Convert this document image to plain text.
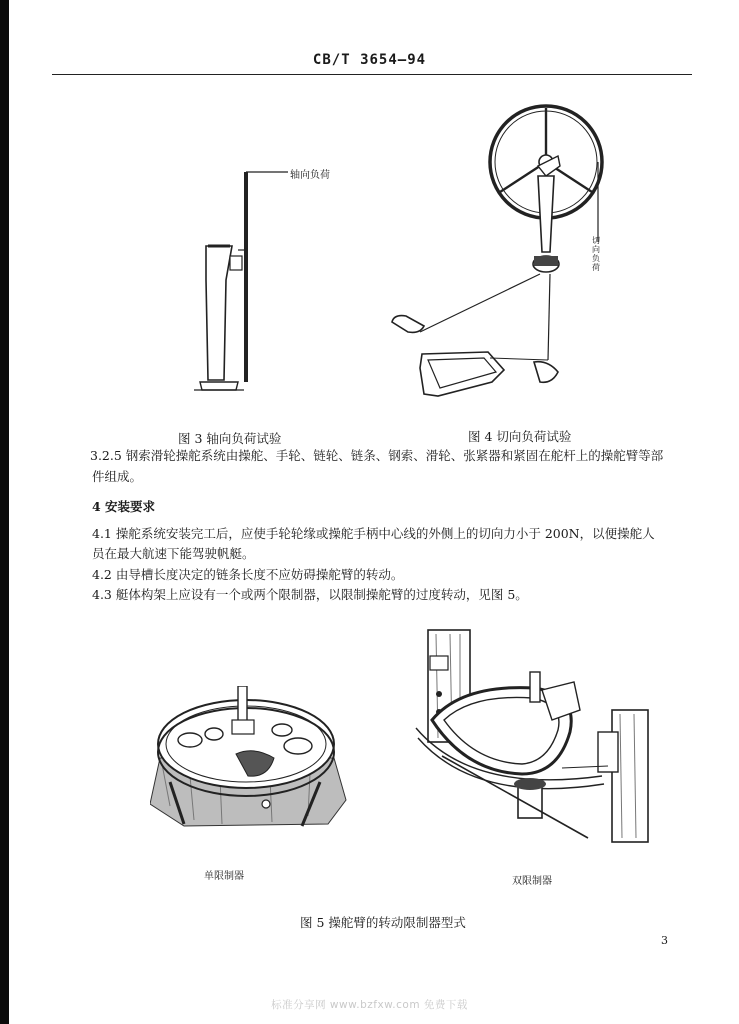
CB/T 3654—94
轴向负荷
切向负荷
图 3 轴向负荷试验	图 4 切向负荷试验
3.2.5 钢索滑轮操舵系统由操舵、手轮、链轮、链条、钢索、滑轮、张紧器和紧固在舵杆上的操舵臂等部
件组成。
4 安装要求
4.1 操舵系统安装完工后，应使手轮轮缘或操舵手柄中心线的外侧上的切向力小于 200N，以便操舵人
员在最大航速下能驾驶帆艇。
4.2 由导槽长度决定的链条长度不应妨碍操舵臂的转动。
4.3 艇体构架上应设有一个或两个限制器，以限制操舵臂的过度转动，见图 5。
单限制器	双限制器
图 5 操舵臂的转动限制器型式
3
标准分享网 www.bzfxw.com 免费下载
